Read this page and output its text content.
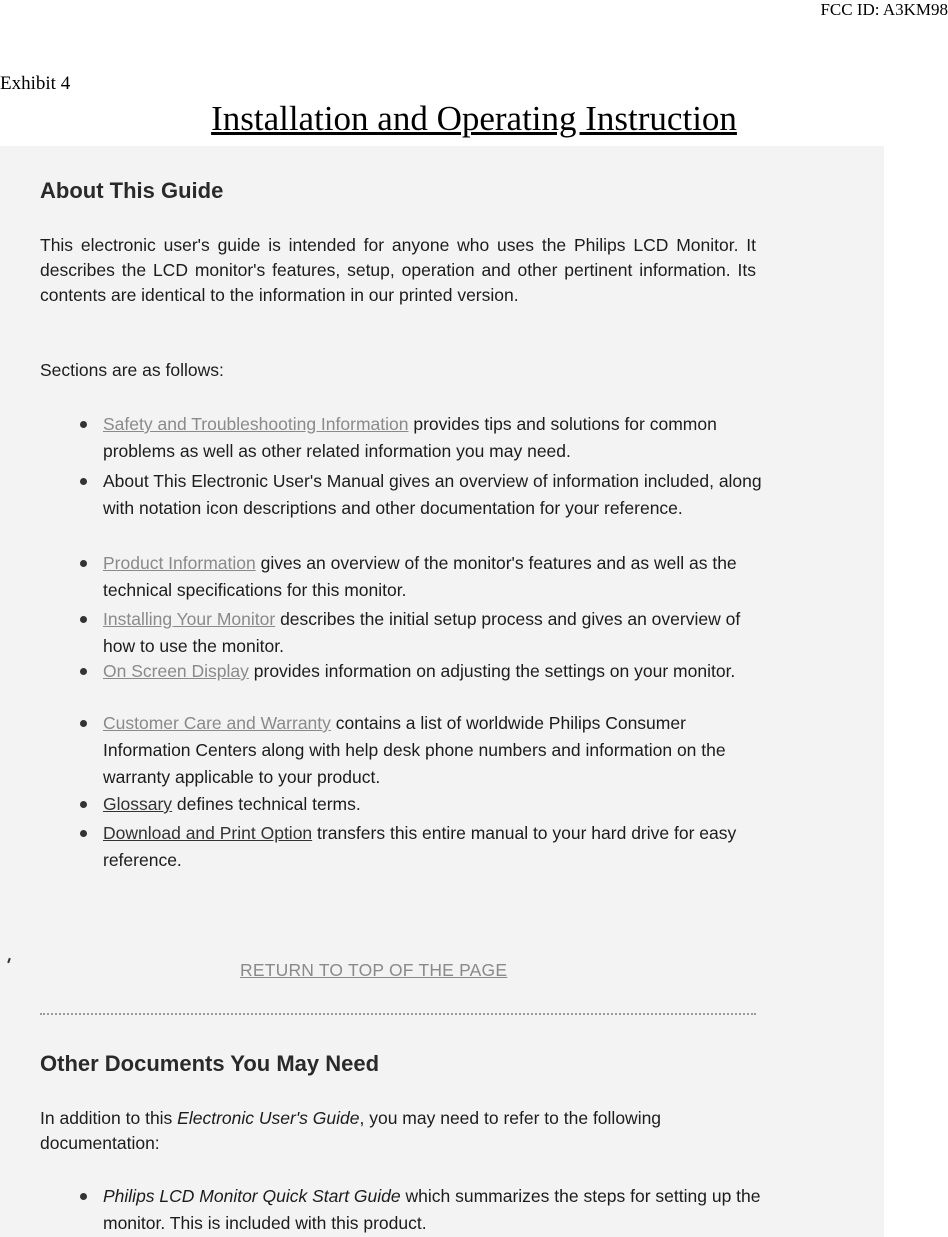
FCC ID: A3KM98
Exhibit 4
Installation and Operating Instruction
About This Guide

This electronic user's guide is intended for anyone who uses the Philips LCD Monitor. It describes the LCD monitor's features, setup, operation and other pertinent information. Its contents are identical to the information in our printed version.

Sections are as follows:

Safety and Troubleshooting Information provides tips and solutions for common problems as well as other related information you may need.
About This Electronic User's Manual gives an overview of information included, along with notation icon descriptions and other documentation for your reference.
Product Information gives an overview of the monitor's features and as well as the technical specifications for this monitor.
Installing Your Monitor describes the initial setup process and gives an overview of how to use the monitor.
On Screen Display provides information on adjusting the settings on your monitor.
Customer Care and Warranty contains a list of worldwide Philips Consumer Information Centers along with help desk phone numbers and information on the warranty applicable to your product.
Glossary defines technical terms.
Download and Print Option transfers this entire manual to your hard drive for easy reference.
RETURN TO TOP OF THE PAGE
Other Documents You May Need

In addition to this Electronic User's Guide, you may need to refer to the following documentation:

Philips LCD Monitor Quick Start Guide which summarizes the steps for setting up the monitor. This is included with this product.
